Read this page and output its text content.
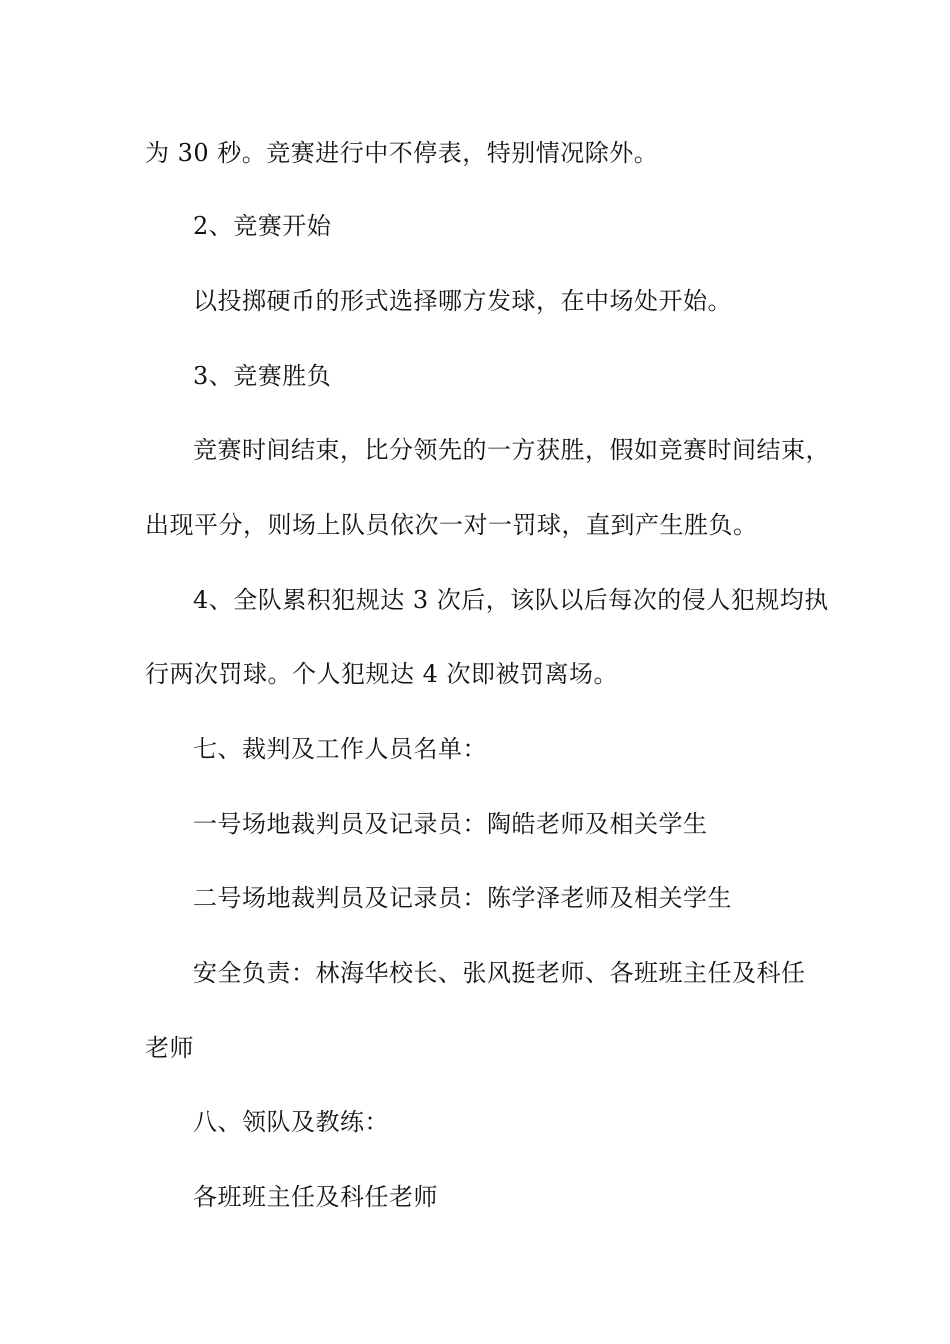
为 30 秒。竞赛进行中不停表，特别情况除外。
2、竞赛开始
以投掷硬币的形式选择哪方发球，在中场处开始。
3、竞赛胜负
竞赛时间结束，比分领先的一方获胜，假如竞赛时间结束，
出现平分，则场上队员依次一对一罚球，直到产生胜负。
4、全队累积犯规达 3 次后，该队以后每次的侵人犯规均执
行两次罚球。个人犯规达 4 次即被罚离场。
七、裁判及工作人员名单：
一号场地裁判员及记录员：陶皓老师及相关学生
二号场地裁判员及记录员：陈学泽老师及相关学生
安全负责：林海华校长、张风挺老师、各班班主任及科任
老师
八、领队及教练：
各班班主任及科任老师
